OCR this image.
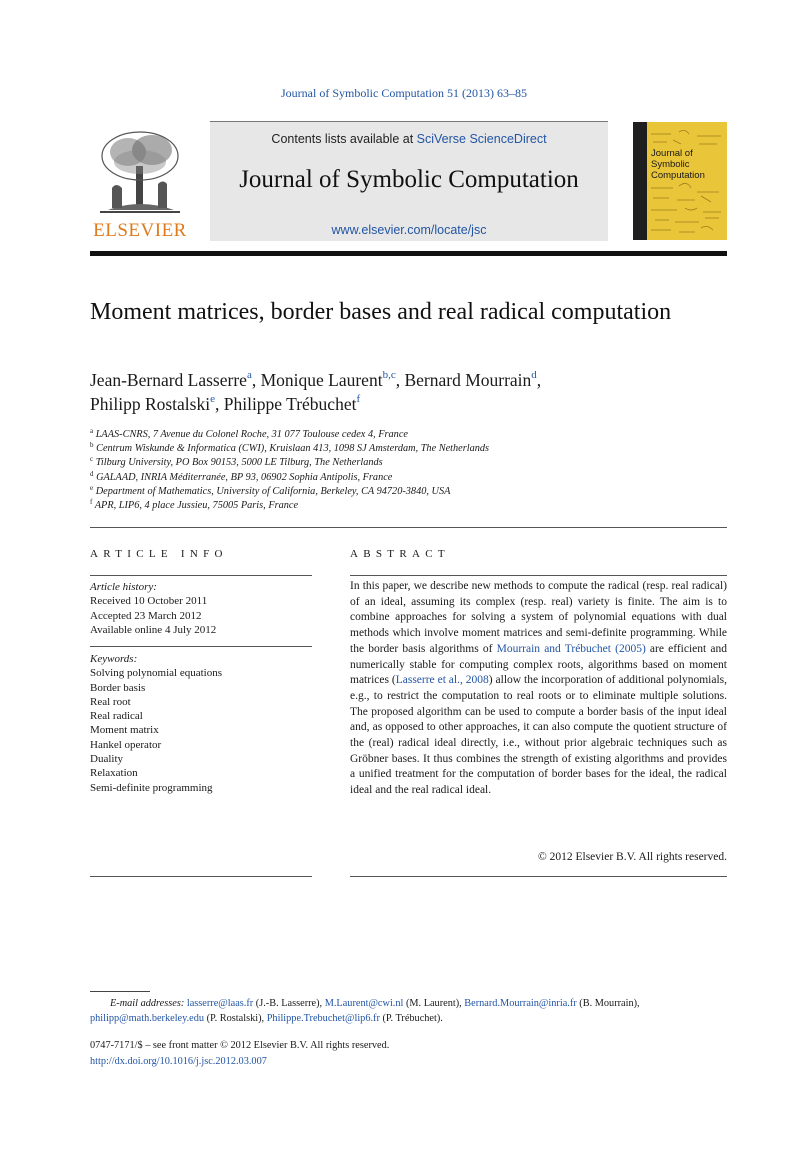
Journal of Symbolic Computation 51 (2013) 63–85
ELSEVIER
Contents lists available at SciVerse ScienceDirect
Journal of Symbolic Computation
www.elsevier.com/locate/jsc
Journal of
Symbolic
Computation
Moment matrices, border bases and real radical computation
Jean-Bernard Lasserre$^a$, Monique Laurent$^{b,c}$, Bernard Mourrain$^d$,
Philipp Rostalski$^e$, Philippe Trébuchet$^f$
$^a$ LAAS-CNRS, 7 Avenue du Colonel Roche, 31 077 Toulouse cedex 4, France
$^b$ Centrum Wiskunde & Informatica (CWI), Kruislaan 413, 1098 SJ Amsterdam, The Netherlands
$^c$ Tilburg University, PO Box 90153, 5000 LE Tilburg, The Netherlands
$^d$ GALAAD, INRIA Méditerranée, BP 93, 06902 Sophia Antipolis, France
$^e$ Department of Mathematics, University of California, Berkeley, CA 94720-3840, USA
$^f$ APR, LIP6, 4 place Jussieu, 75005 Paris, France
ARTICLE INFO
Article history:
Received 10 October 2011
Accepted 23 March 2012
Available online 4 July 2012
Keywords:
Solving polynomial equations
Border basis
Real root
Real radical
Moment matrix
Hankel operator
Duality
Relaxation
Semi-definite programming
ABSTRACT
In this paper, we describe new methods to compute the radical (resp. real radical) of an ideal, assuming its complex (resp. real) variety is finite. The aim is to combine approaches for solving a system of polynomial equations with dual methods which involve moment matrices and semi-definite programming. While the border basis algorithms of Mourrain and Trébuchet (2005) are efficient and numerically stable for computing complex roots, algorithms based on moment matrices (Lasserre et al., 2008) allow the incorporation of additional polynomials, e.g., to restrict the computation to real roots or to eliminate multiple solutions. The proposed algorithm can be used to compute a border basis of the input ideal and, as opposed to other approaches, it can also compute the quotient structure of the (real) radical ideal directly, i.e., without prior algebraic techniques such as Gröbner bases. It thus combines the strength of existing algorithms and provides a unified treatment for the computation of border bases for the ideal, the radical ideal and the real radical ideal.
© 2012 Elsevier B.V. All rights reserved.
E-mail addresses: lasserre@laas.fr (J.-B. Lasserre), M.Laurent@cwi.nl (M. Laurent), Bernard.Mourrain@inria.fr (B. Mourrain), philipp@math.berkeley.edu (P. Rostalski), Philippe.Trebuchet@lip6.fr (P. Trébuchet).
0747-7171/$ – see front matter © 2012 Elsevier B.V. All rights reserved.
http://dx.doi.org/10.1016/j.jsc.2012.03.007
